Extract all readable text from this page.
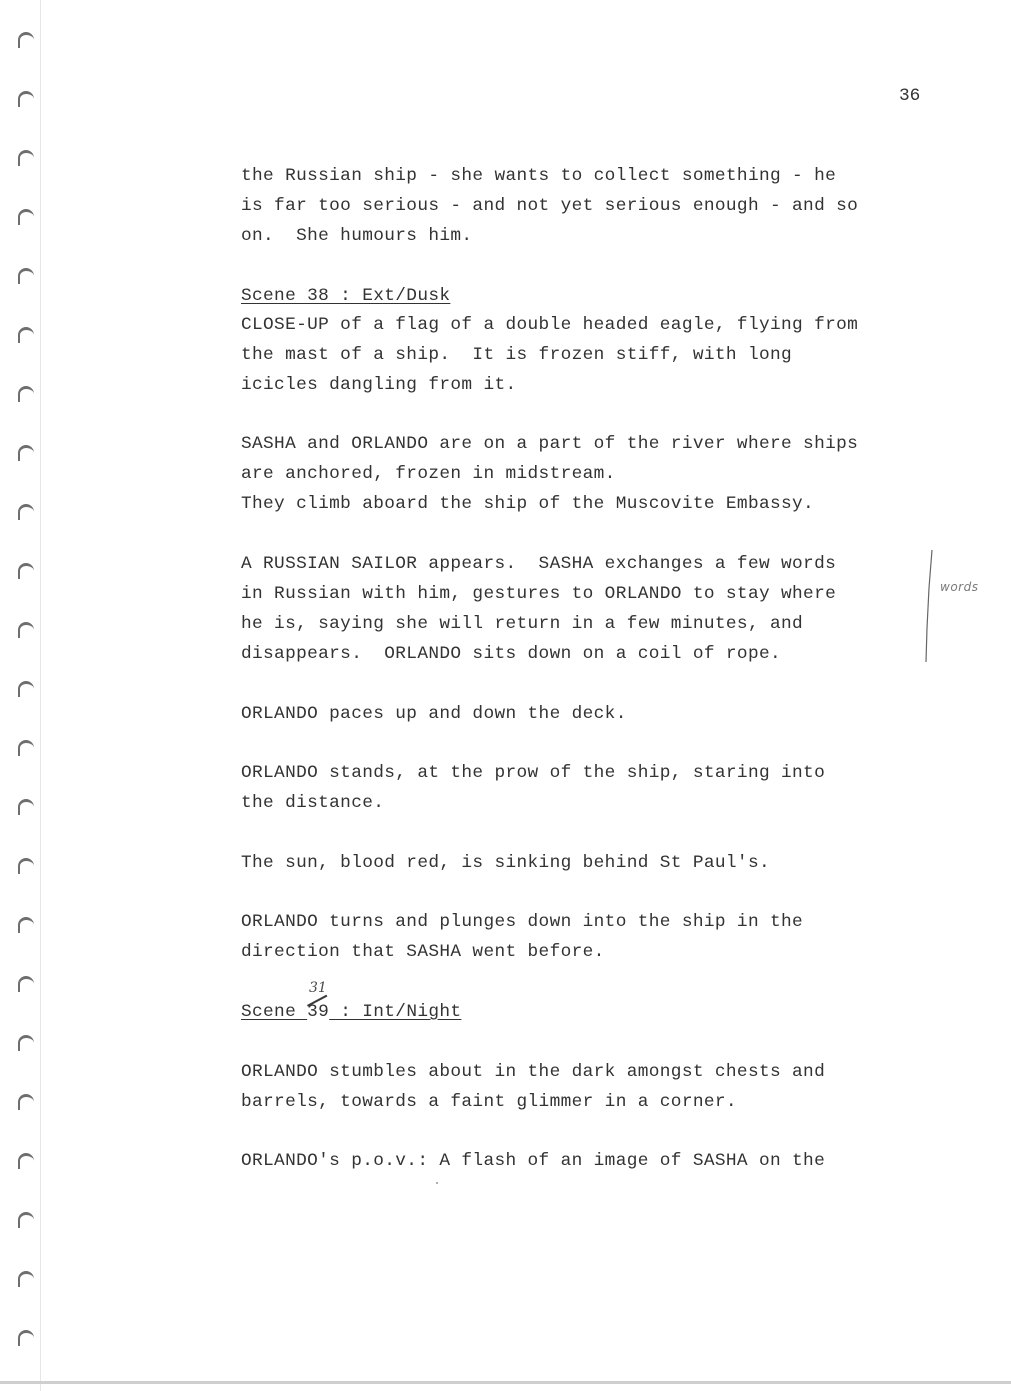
36
the Russian ship - she wants to collect something - he
is far too serious - and not yet serious enough - and so
on.  She humours him.
Scene 38 : Ext/Dusk
CLOSE-UP of a flag of a double headed eagle, flying from
the mast of a ship.  It is frozen stiff, with long
icicles dangling from it.
SASHA and ORLANDO are on a part of the river where ships
are anchored, frozen in midstream.
They climb aboard the ship of the Muscovite Embassy.
A RUSSIAN SAILOR appears.  SASHA exchanges a few words
in Russian with him, gestures to ORLANDO to stay where
he is, saying she will return in a few minutes, and
disappears.  ORLANDO sits down on a coil of rope.
words
ORLANDO paces up and down the deck.
ORLANDO stands, at the prow of the ship, staring into
the distance.
The sun, blood red, is sinking behind St Paul's.
ORLANDO turns and plunges down into the ship in the
direction that SASHA went before.
31
Scene 39
: Int/Night
ORLANDO stumbles about in the dark amongst chests and
barrels, towards a faint glimmer in a corner.
ORLANDO's p.o.v.: A flash of an image of SASHA on the
